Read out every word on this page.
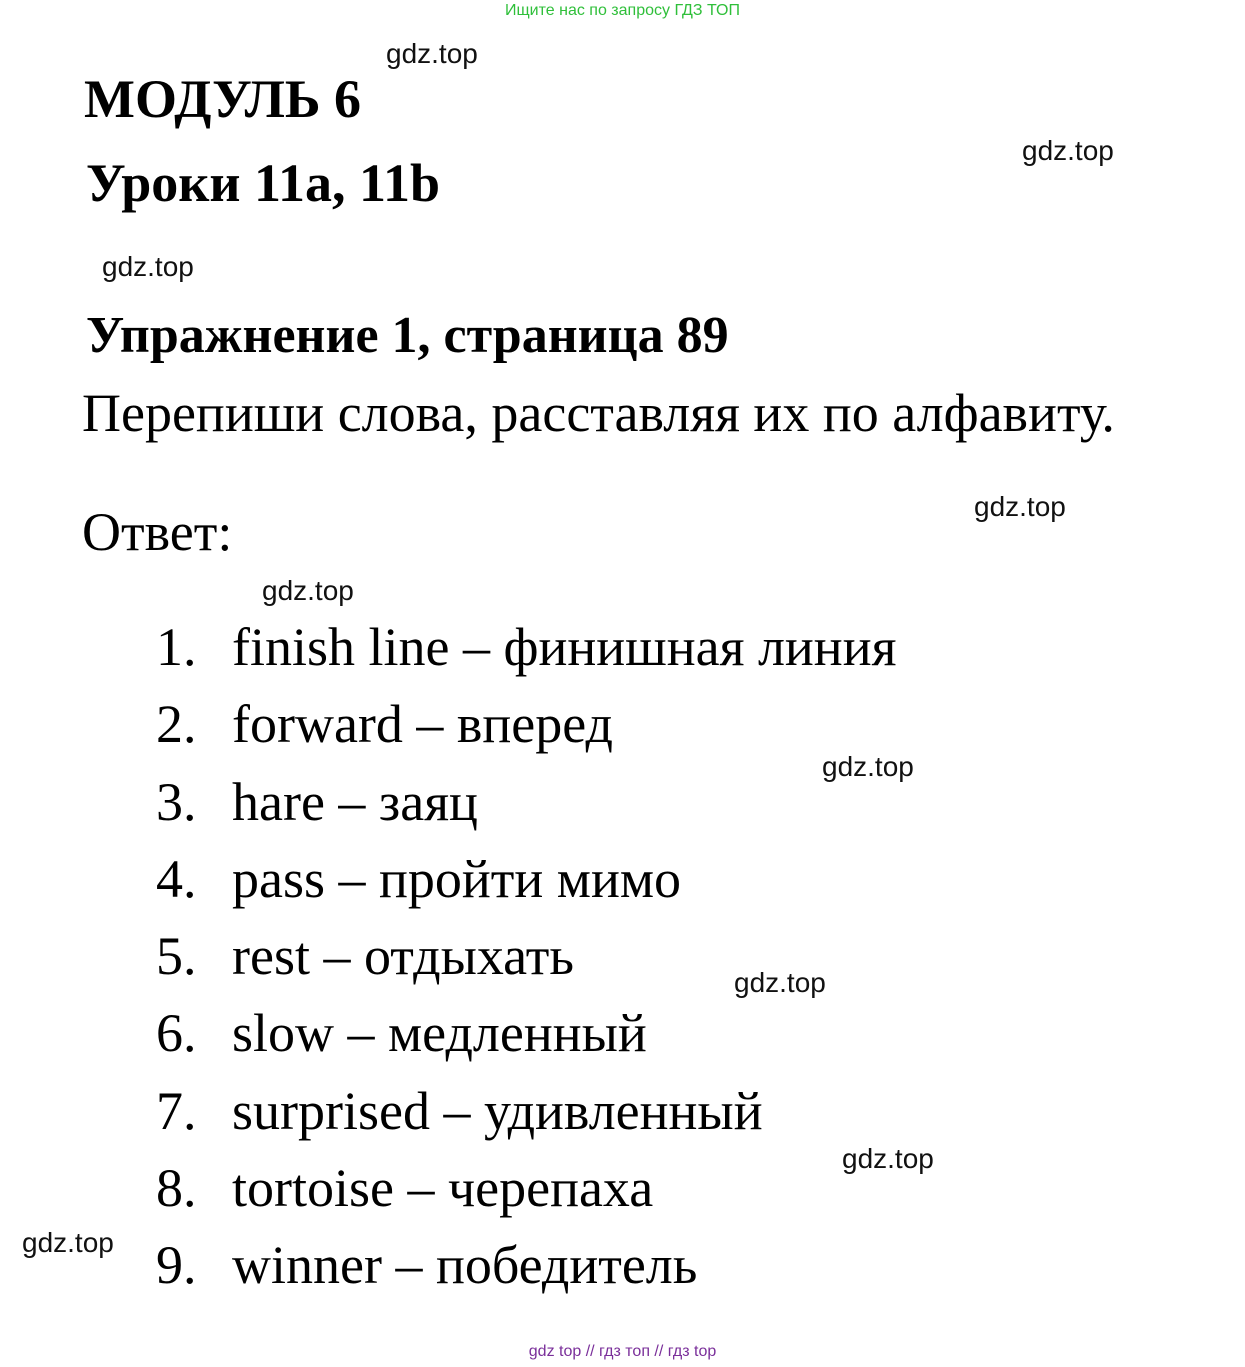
Ищите нас по запросу ГДЗ ТОП
МОДУЛЬ 6
Уроки 11a, 11b
Упражнение 1, страница 89
Перепиши слова, расставляя их по алфавиту.
Ответ:
1. finish line – финишная линия
2. forward – вперед
3. hare – заяц
4. pass – пройти мимо
5. rest – отдыхать
6. slow – медленный
7. surprised – удивленный
8. tortoise – черепаха
9. winner – победитель
gdz.top
gdz.top
gdz.top
gdz.top
gdz.top
gdz.top
gdz.top
gdz.top
gdz.top
gdz top // гдз топ // гдз top
